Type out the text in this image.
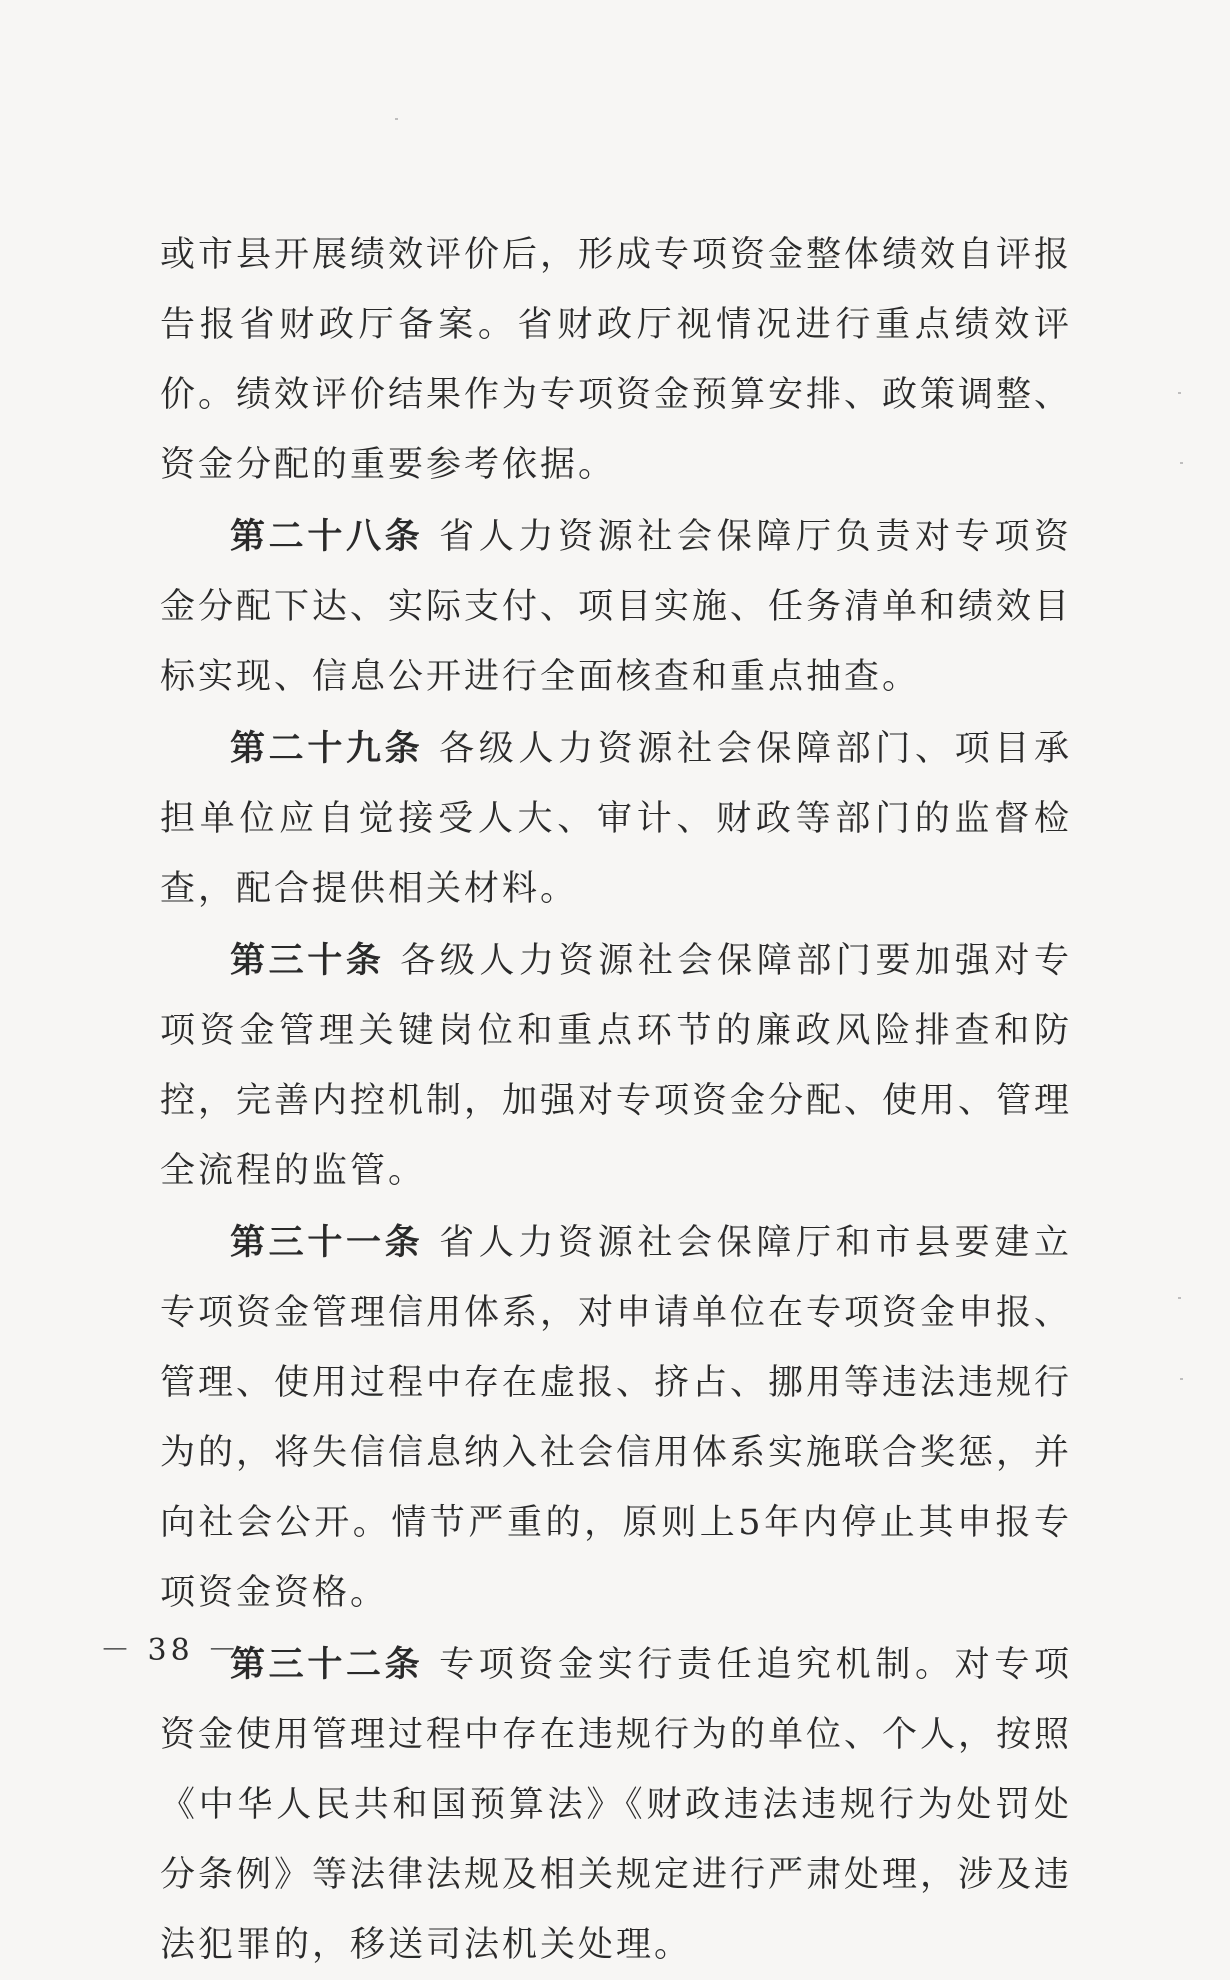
或市县开展绩效评价后，形成专项资金整体绩效自评报告报省财政厅备案。省财政厅视情况进行重点绩效评价。绩效评价结果作为专项资金预算安排、政策调整、资金分配的重要参考依据。

第二十八条 省人力资源社会保障厅负责对专项资金分配下达、实际支付、项目实施、任务清单和绩效目标实现、信息公开进行全面核查和重点抽查。

第二十九条 各级人力资源社会保障部门、项目承担单位应自觉接受人大、审计、财政等部门的监督检查，配合提供相关材料。

第三十条 各级人力资源社会保障部门要加强对专项资金管理关键岗位和重点环节的廉政风险排查和防控，完善内控机制，加强对专项资金分配、使用、管理全流程的监管。

第三十一条 省人力资源社会保障厅和市县要建立专项资金管理信用体系，对申请单位在专项资金申报、管理、使用过程中存在虚报、挤占、挪用等违法违规行为的，将失信信息纳入社会信用体系实施联合奖惩，并向社会公开。情节严重的，原则上5年内停止其申报专项资金资格。

第三十二条 专项资金实行责任追究机制。对专项资金使用管理过程中存在违规行为的单位、个人，按照《中华人民共和国预算法》《财政违法违规行为处罚处分条例》等法律法规及相关规定进行严肃处理，涉及违法犯罪的，移送司法机关处理。

－ 38 －
